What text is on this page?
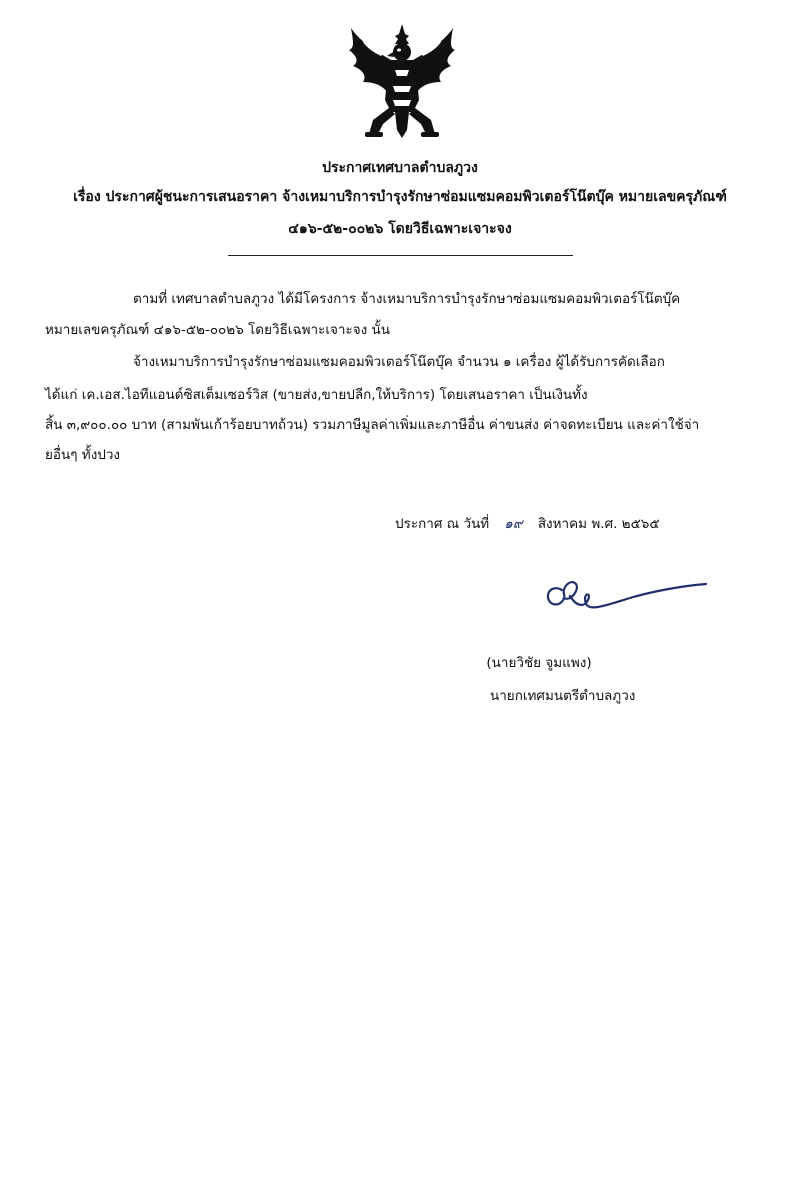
ประกาศเทศบาลตำบลภูวง
เรื่อง ประกาศผู้ชนะการเสนอราคา จ้างเหมาบริการบำรุงรักษาซ่อมแซมคอมพิวเตอร์โน๊ตบุ๊ค หมายเลขครุภัณฑ์
๔๑๖-๕๒-๐๐๒๖ โดยวิธีเฉพาะเจาะจง
ตามที่ เทศบาลตำบลภูวง ได้มีโครงการ จ้างเหมาบริการบำรุงรักษาซ่อมแซมคอมพิวเตอร์โน๊ตบุ๊ค
หมายเลขครุภัณฑ์ ๔๑๖-๕๒-๐๐๒๖ โดยวิธีเฉพาะเจาะจง นั้น
จ้างเหมาบริการบำรุงรักษาซ่อมแซมคอมพิวเตอร์โน๊ตบุ๊ค จำนวน ๑ เครื่อง ผู้ได้รับการคัดเลือก
ได้แก่ เค.เอส.ไอทีแอนด์ซิสเต็มเซอร์วิส (ขายส่ง,ขายปลีก,ให้บริการ) โดยเสนอราคา เป็นเงินทั้ง
สิ้น ๓,๙๐๐.๐๐ บาท (สามพันเก้าร้อยบาทถ้วน) รวมภาษีมูลค่าเพิ่มและภาษีอื่น ค่าขนส่ง ค่าจดทะเบียน และค่าใช้จ่า
ยอื่นๆ ทั้งปวง
ประกาศ ณ วันที่ ๑๙ สิงหาคม พ.ศ. ๒๕๖๕
(นายวิชัย จูมแพง)
นายกเทศมนตรีตำบลภูวง
